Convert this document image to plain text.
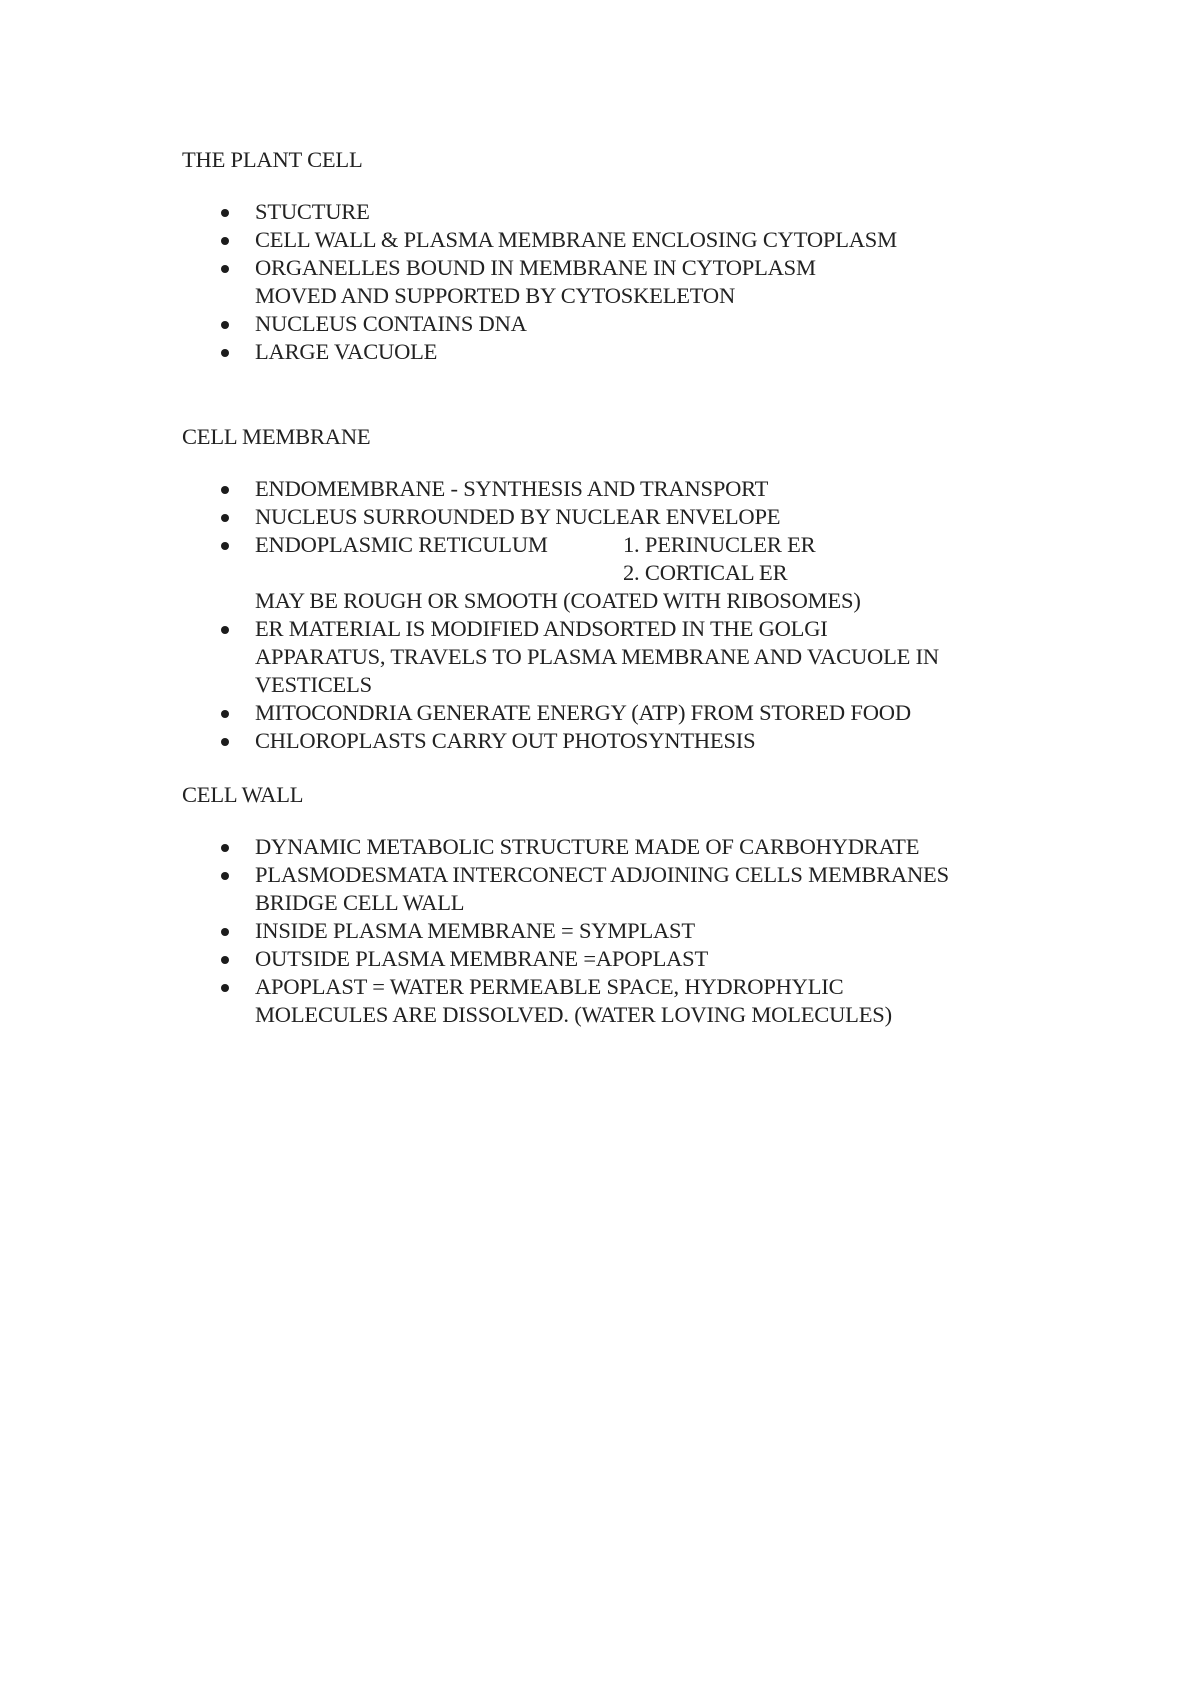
THE PLANT CELL
STUCTURE
CELL WALL & PLASMA MEMBRANE ENCLOSING CYTOPLASM
ORGANELLES BOUND IN MEMBRANE IN CYTOPLASM
MOVED AND SUPPORTED BY CYTOSKELETON
NUCLEUS CONTAINS DNA
LARGE VACUOLE
CELL MEMBRANE
ENDOMEMBRANE - SYNTHESIS AND TRANSPORT
NUCLEUS SURROUNDED BY NUCLEAR ENVELOPE
ENDOPLASMIC RETICULUM	1. PERINUCLER ER
2. CORTICAL ER
MAY BE ROUGH OR SMOOTH (COATED WITH RIBOSOMES)
ER MATERIAL IS MODIFIED ANDSORTED IN THE GOLGI
APPARATUS, TRAVELS TO PLASMA MEMBRANE AND VACUOLE IN
VESTICELS
MITOCONDRIA GENERATE ENERGY (ATP) FROM STORED FOOD
CHLOROPLASTS CARRY OUT PHOTOSYNTHESIS
CELL WALL
DYNAMIC METABOLIC STRUCTURE MADE OF CARBOHYDRATE
PLASMODESMATA INTERCONECT ADJOINING CELLS MEMBRANES
BRIDGE CELL WALL
INSIDE PLASMA MEMBRANE = SYMPLAST
OUTSIDE PLASMA MEMBRANE =APOPLAST
APOPLAST = WATER PERMEABLE SPACE, HYDROPHYLIC
MOLECULES ARE DISSOLVED. (WATER LOVING MOLECULES)
